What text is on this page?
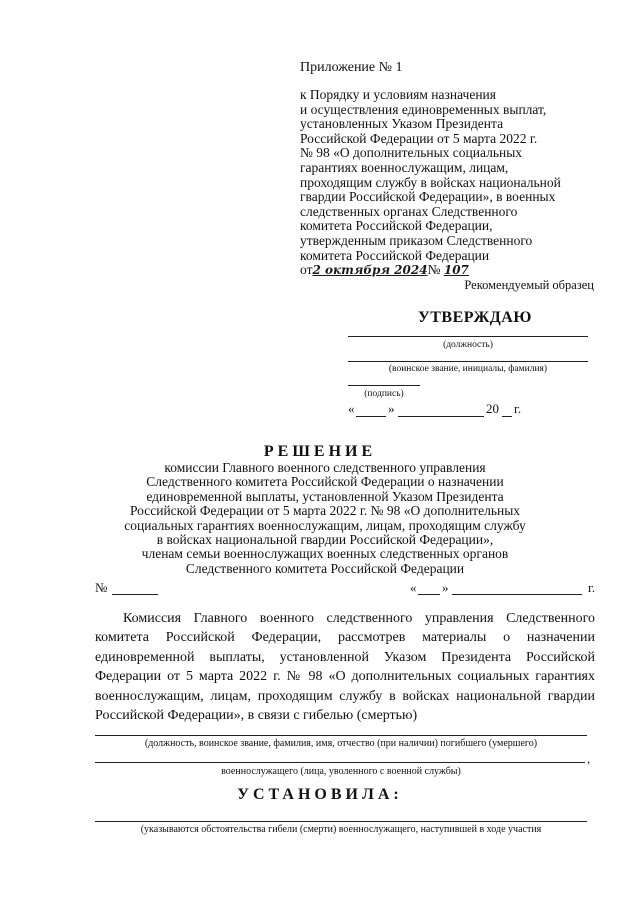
Приложение № 1
к Порядку и условиям назначения
и осуществления единовременных выплат,
установленных Указом Президента
Российской Федерации от 5 марта 2022 г.
№ 98 «О дополнительных социальных
гарантиях военнослужащим, лицам,
проходящим службу в войсках национальной
гвардии Российской Федерации», в военных
следственных органах Следственного
комитета Российской Федерации,
утвержденным приказом Следственного
комитета Российской Федерации
от2 октября 2024№ 107
Рекомендуемый образец
УТВЕРЖДАЮ
(должность)
(воинское звание, инициалы, фамилия)
(подпись)
«	»	20 г.
РЕШЕНИЕ
комиссии Главного военного следственного управления
Следственного комитета Российской Федерации о назначении
единовременной выплаты, установленной Указом Президента
Российской Федерации от 5 марта 2022 г. № 98 «О дополнительных
социальных гарантиях военнослужащим, лицам, проходящим службу
в войсках национальной гвардии Российской Федерации»,
членам семьи военнослужащих военных следственных органов
Следственного комитета Российской Федерации
№	« »	г.

Комиссия Главного военного следственного управления Следственного комитета Российской Федерации, рассмотрев материалы о назначении единовременной выплаты, установленной Указом Президента Российской Федерации от 5 марта 2022 г. № 98 «О дополнительных социальных гарантиях военнослужащим, лицам, проходящим службу в войсках национальной гвардии Российской Федерации», в связи с гибелью (смертью)

(должность, воинское звание, фамилия, имя, отчество (при наличии) погибшего (умершего)
,
военнослужащего (лица, уволенного с военной службы)
УСТАНОВИЛА:
(указываются обстоятельства гибели (смерти) военнослужащего, наступившей в ходе участия
